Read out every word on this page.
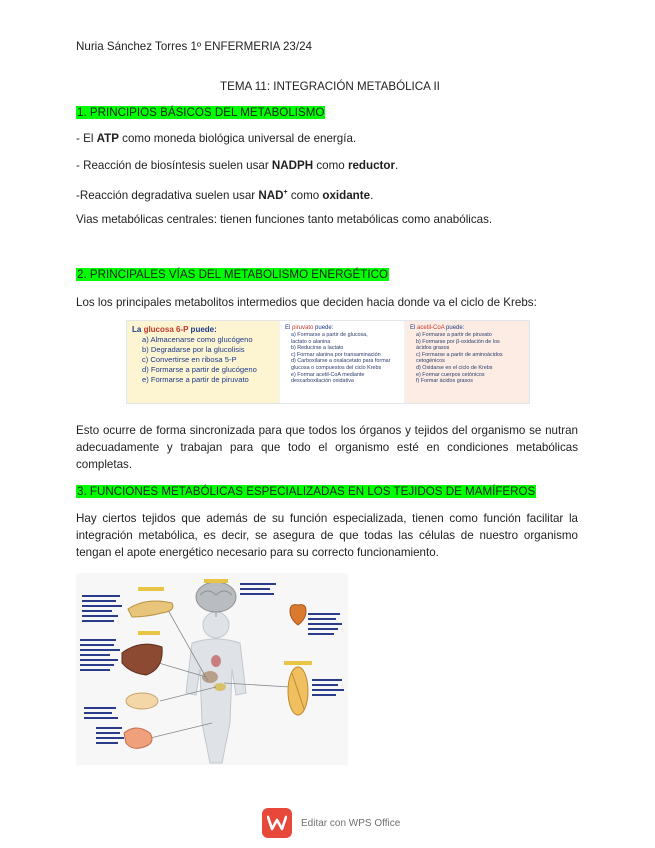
Nuria Sánchez Torres 1º ENFERMERIA 23/24
TEMA 11: INTEGRACIÓN METABÓLICA II
1. PRINCIPIOS BÁSICOS DEL METABOLISMO
- El ATP como moneda biológica universal de energía.
- Reacción de biosíntesis suelen usar NADPH como reductor.
-Reacción degradativa suelen usar NAD+ como oxidante.
Vias metabólicas centrales: tienen funciones tanto metabólicas como anabólicas.
2. PRINCIPALES VÍAS DEL METABOLISMO ENERGÉTICO
Los los principales metabolitos intermedios que deciden hacia donde va el ciclo de Krebs:
La glucosa 6-P puede:
a) Almacenarse como glucógeno
b) Degradarse por la glucolisis
c) Convertirse en ribosa 5-P
d) Formarse a partir de glucógeno
e) Formarse a partir de piruvato
El piruvato puede:
a) Formarse a partir de glucosa,
lactato o alanina
b) Reducirse a lactato
c) Formar alanina por transaminación
d) Carboxilarse a oxalacetato para formar
glucosa o compuestos del ciclo Krebs
e) Formar acetil-CoA mediante
descarboxilación oxidativa
El acetil-CoA puede:
a) Formarse a partir de piruvato
b) Formarse por β-oxidación de los
ácidos grasos
c) Formarse a partir de aminoácidos
cetogénicos
d) Oxidarse en el ciclo de Krebs
e) Formar cuerpos cetónicos
f) Formar ácidos grasos
Esto ocurre de forma sincronizada para que todos los órganos y tejidos del organismo se nutran adecuadamente y trabajan para que todo el organismo esté en condiciones metabólicas completas.
3. FUNCIONES METABÓLICAS ESPECIALIZADAS EN LOS TEJIDOS DE MAMÍFEROS
Hay ciertos tejidos que además de su función especializada, tienen como función facilitar la integración metabólica, es decir, se asegura de que todas las células de nuestro organismo tengan el apote energético necesario para su correcto funcionamiento.
Editar con WPS Office
